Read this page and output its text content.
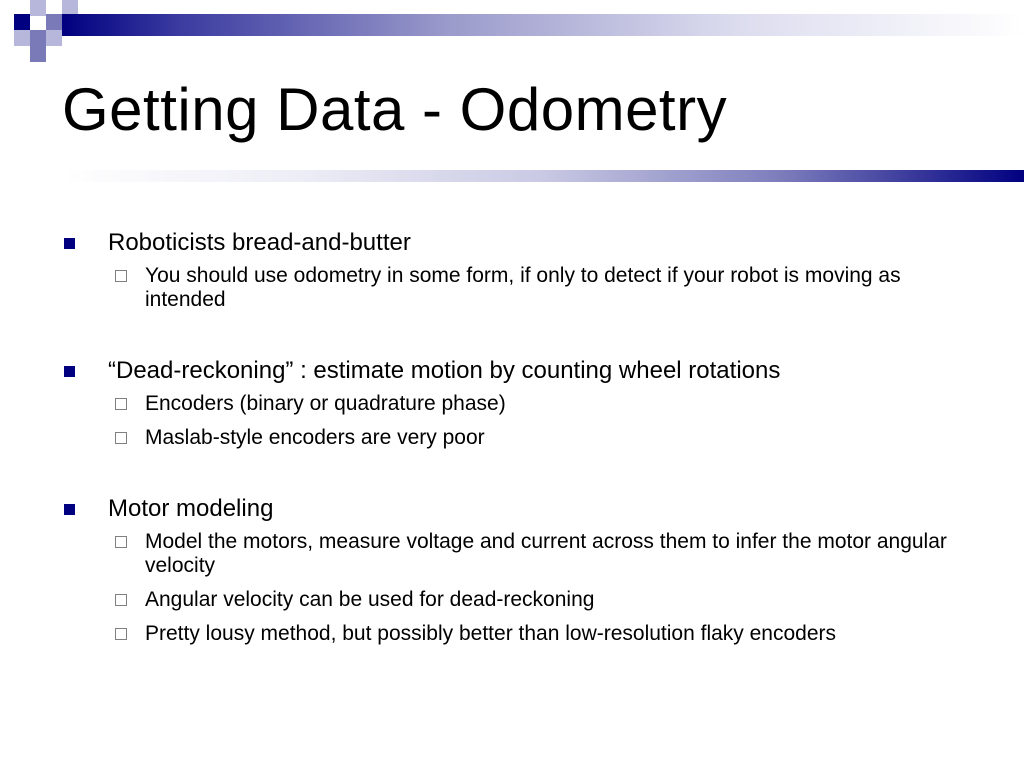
Getting Data - Odometry
Roboticists bread-and-butter
You should use odometry in some form, if only to detect if your robot is moving as intended
“Dead-reckoning” : estimate motion by counting wheel rotations
Encoders (binary or quadrature phase)
Maslab-style encoders are very poor
Motor modeling
Model the motors, measure voltage and current across them to infer the motor angular velocity
Angular velocity can be used for dead-reckoning
Pretty lousy method, but possibly better than low-resolution flaky encoders
